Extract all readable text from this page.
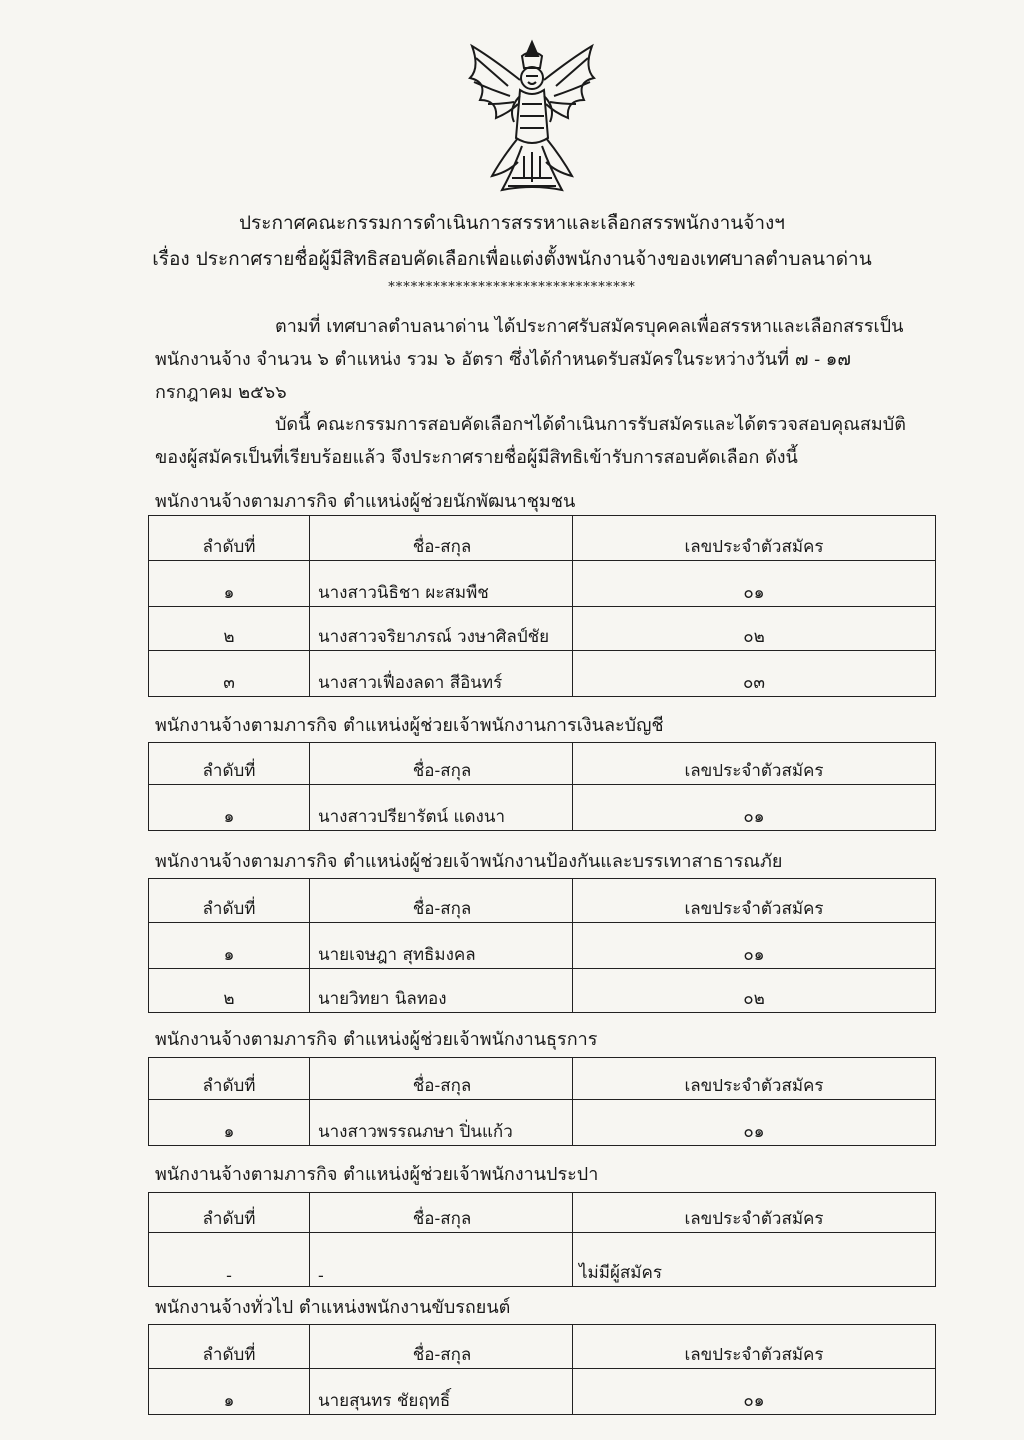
ประกาศคณะกรรมการดำเนินการสรรหาและเลือกสรรพนักงานจ้างฯ
เรื่อง ประกาศรายชื่อผู้มีสิทธิสอบคัดเลือกเพื่อแต่งตั้งพนักงานจ้างของเทศบาลตำบลนาด่าน
*********************************
ตามที่ เทศบาลตำบลนาด่าน ได้ประกาศรับสมัครบุคคลเพื่อสรรหาและเลือกสรรเป็นพนักงานจ้าง จำนวน ๖ ตำแหน่ง รวม ๖ อัตรา ซึ่งได้กำหนดรับสมัครในระหว่างวันที่ ๗ - ๑๗ กรกฎาคม ๒๕๖๖
บัดนี้ คณะกรรมการสอบคัดเลือกฯได้ดำเนินการรับสมัครและได้ตรวจสอบคุณสมบัติของผู้สมัครเป็นที่เรียบร้อยแล้ว จึงประกาศรายชื่อผู้มีสิทธิเข้ารับการสอบคัดเลือก ดังนี้
พนักงานจ้างตามภารกิจ ตำแหน่งผู้ช่วยนักพัฒนาชุมชน
ลำดับที่	ชื่อ-สกุล	เลขประจำตัวสมัคร
๑	นางสาวนิธิชา ผะสมพืช	๐๑
๒	นางสาวจริยาภรณ์ วงษาศิลป์ชัย	๐๒
๓	นางสาวเฟื่องลดา สีอินทร์	๐๓
พนักงานจ้างตามภารกิจ ตำแหน่งผู้ช่วยเจ้าพนักงานการเงินละบัญชี
ลำดับที่	ชื่อ-สกุล	เลขประจำตัวสมัคร
๑	นางสาวปรียารัตน์ แดงนา	๐๑
พนักงานจ้างตามภารกิจ ตำแหน่งผู้ช่วยเจ้าพนักงานป้องกันและบรรเทาสาธารณภัย
ลำดับที่	ชื่อ-สกุล	เลขประจำตัวสมัคร
๑	นายเจษฎา สุทธิมงคล	๐๑
๒	นายวิทยา นิลทอง	๐๒
พนักงานจ้างตามภารกิจ ตำแหน่งผู้ช่วยเจ้าพนักงานธุรการ
ลำดับที่	ชื่อ-สกุล	เลขประจำตัวสมัคร
๑	นางสาวพรรณภษา ปิ่นแก้ว	๐๑
พนักงานจ้างตามภารกิจ ตำแหน่งผู้ช่วยเจ้าพนักงานประปา
ลำดับที่	ชื่อ-สกุล	เลขประจำตัวสมัคร
-	-	ไม่มีผู้สมัคร
พนักงานจ้างทั่วไป ตำแหน่งพนักงานขับรถยนต์
ลำดับที่	ชื่อ-สกุล	เลขประจำตัวสมัคร
๑	นายสุนทร ชัยฤทธิ์	๐๑
